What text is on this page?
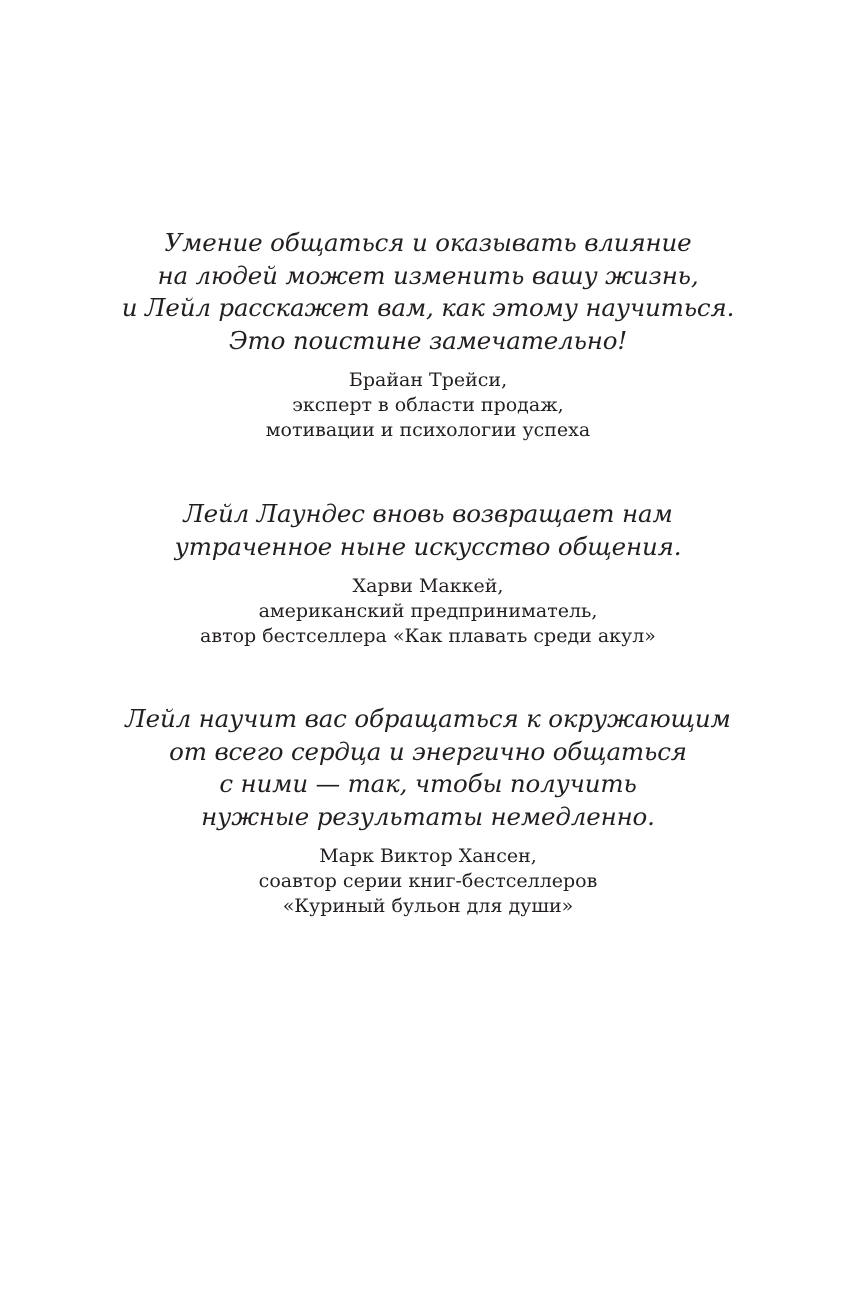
Умение общаться и оказывать влияние
на людей может изменить вашу жизнь,
и Лейл расскажет вам, как этому научиться.
Это поистине замечательно!

Брайан Трейси,
эксперт в области продаж,
мотивации и психологии успеха

Лейл Лаундес вновь возвращает нам
утраченное ныне искусство общения.

Харви Маккей,
американский предприниматель,
автор бестселлера «Как плавать среди акул»

Лейл научит вас обращаться к окружающим
от всего сердца и энергично общаться
с ними — так, чтобы получить
нужные результаты немедленно.

Марк Виктор Хансен,
соавтор серии книг-бестселлеров
«Куриный бульон для души»
